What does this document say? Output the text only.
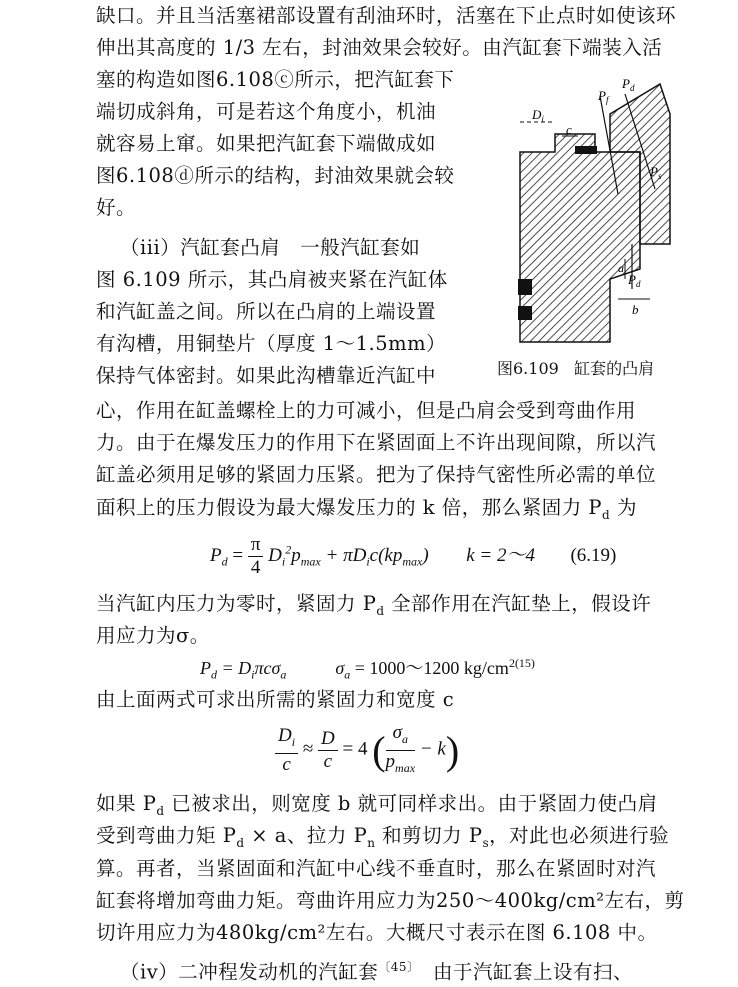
缺口。并且当活塞裙部设置有刮油环时，活塞在下止点时如使该环
伸出其高度的 1/3 左右，封油效果会较好。由汽缸套下端装入活
塞的构造如图6.108ⓒ所示，把汽缸套下
端切成斜角，可是若这个角度小，机油
就容易上窜。如果把汽缸套下端做成如
图6.108ⓓ所示的结构，封油效果就会较
好。
（iii）汽缸套凸肩　一般汽缸套如
图 6.109 所示，其凸肩被夹紧在汽缸体
和汽缸盖之间。所以在凸肩的上端设置
有沟槽，用铜垫片（厚度 1～1.5mm）
保持气体密封。如果此沟槽靠近汽缸中
心，作用在缸盖螺栓上的力可减小，但是凸肩会受到弯曲作用
力。由于在爆发压力的作用下在紧固面上不许出现间隙，所以汽
缸盖必须用足够的紧固力压紧。把为了保持气密性所必需的单位
面积上的压力假设为最大爆发压力的 k 倍，那么紧固力 $P_d$ 为
$P_d = \frac{\pi}{4} D_i^2p_{max} + \pi D_ic(kp_{max}) k$ = 2～4 (6.19)
当汽缸内压力为零时，紧固力 $P_d$ 全部作用在汽缸垫上，假设许
用应力为σ。
$P_d = D_i\pi c\sigma_a$	$\sigma_a$ = 1000～1200 $kg/cm^{2(15)}$
由上面两式可求出所需的紧固力和宽度 c
$\frac{D_i}{c} \approx \frac{D}{c} = 4$ ( $\frac{\sigma_a}{p_{max}} - k$)
如果 $P_d$ 已被求出，则宽度 b 就可同样求出。由于紧固力使凸肩
受到弯曲力矩 $P_d \times a$、拉力 $P_n$ 和剪切力 $P_s$，对此也必须进行验
算。再者，当紧固面和汽缸中心线不垂直时，那么在紧固时对汽
缸套将增加弯曲力矩。弯曲许用应力为250～400kg/cm²左右，剪
切许用应力为480kg/cm²左右。大概尺寸表示在图 6.108 中。
（iv）二冲程发动机的汽缸套$^{〔45〕}$ 由于汽缸套上设有扫、
$P_f$
$P_d$
$D_i$
c
$P_s$
a
$P_d$
b
图6.109 缸套的凸肩
